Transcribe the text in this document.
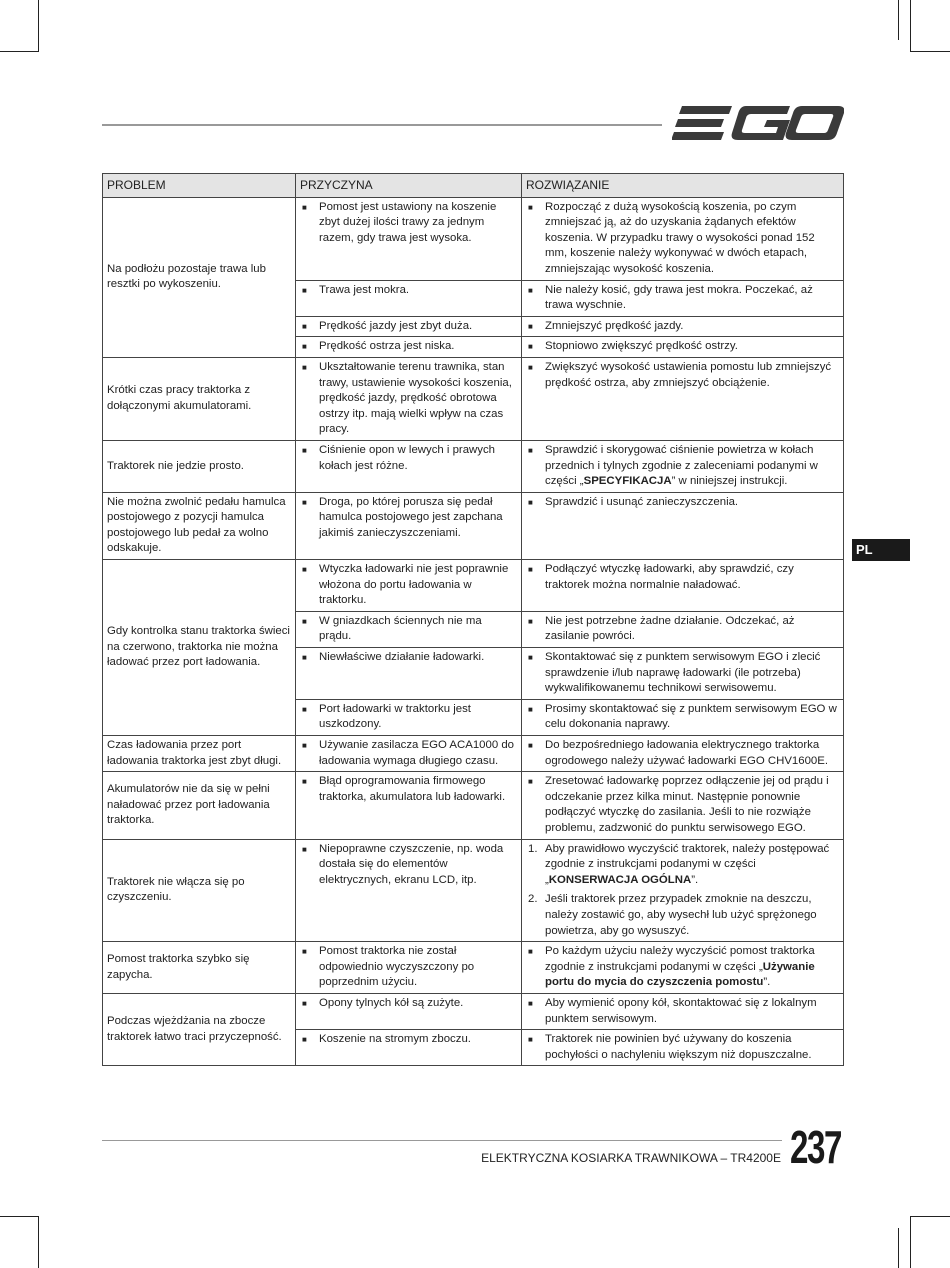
PL
PROBLEM	PRZYCZYNA	ROZWIĄZANIE
Na podłożu pozostaje trawa lub resztki po wykoszeniu.	■ Pomost jest ustawiony na koszenie zbyt dużej ilości trawy za jednym razem, gdy trawa jest wysoka.	■ Rozpocząć z dużą wysokością koszenia, po czym zmniejszać ją, aż do uzyskania żądanych efektów koszenia. W przypadku trawy o wysokości ponad 152 mm, koszenie należy wykonywać w dwóch etapach, zmniejszając wysokość koszenia.

	■ Trawa jest mokra.	■ Nie należy kosić, gdy trawa jest mokra. Poczekać, aż trawa wyschnie.

	■ Prędkość jazdy jest zbyt duża.	■ Zmniejszyć prędkość jazdy.

	■ Prędkość ostrza jest niska.	■ Stopniowo zwiększyć prędkość ostrzy.

Krótki czas pracy traktorka z dołączonymi akumulatorami.	■ Ukształtowanie terenu trawnika, stan trawy, ustawienie wysokości koszenia, prędkość jazdy, prędkość obrotowa ostrzy itp. mają wielki wpływ na czas pracy.	■ Zwiększyć wysokość ustawienia pomostu lub zmniejszyć prędkość ostrza, aby zmniejszyć obciążenie.

Traktorek nie jedzie prosto.	■ Ciśnienie opon w lewych i prawych kołach jest różne.	■ Sprawdzić i skorygować ciśnienie powietrza w kołach przednich i tylnych zgodnie z zaleceniami podanymi w części „SPECYFIKACJA” w niniejszej instrukcji.

Nie można zwolnić pedału hamulca postojowego z pozycji hamulca postojowego lub pedał za wolno odskakuje.	■ Droga, po której porusza się pedał hamulca postojowego jest zapchana jakimiś zanieczyszczeniami.	■ Sprawdzić i usunąć zanieczyszczenia.

Gdy kontrolka stanu traktorka świeci na czerwono, traktorka nie można ładować przez port ładowania.	■ Wtyczka ładowarki nie jest poprawnie włożona do portu ładowania w traktorku.	■ Podłączyć wtyczkę ładowarki, aby sprawdzić, czy traktorek można normalnie naładować.

	■ W gniazdkach ściennych nie ma prądu.	■ Nie jest potrzebne żadne działanie. Odczekać, aż zasilanie powróci.

	■ Niewłaściwe działanie ładowarki.	■ Skontaktować się z punktem serwisowym EGO i zlecić sprawdzenie i/lub naprawę ładowarki (ile potrzeba) wykwalifikowanemu technikowi serwisowemu.

	■ Port ładowarki w traktorku jest uszkodzony.	■ Prosimy skontaktować się z punktem serwisowym EGO w celu dokonania naprawy.

Czas ładowania przez port ładowania traktorka jest zbyt długi.	■ Używanie zasilacza EGO ACA1000 do ładowania wymaga długiego czasu.	■ Do bezpośredniego ładowania elektrycznego traktorka ogrodowego należy używać ładowarki EGO CHV1600E.

Akumulatorów nie da się w pełni naładować przez port ładowania traktorka.	■ Błąd oprogramowania firmowego traktorka, akumulatora lub ładowarki.	■ Zresetować ładowarkę poprzez odłączenie jej od prądu i odczekanie przez kilka minut. Następnie ponownie podłączyć wtyczkę do zasilania. Jeśli to nie rozwiąże problemu, zadzwonić do punktu serwisowego EGO.

Traktorek nie włącza się po czyszczeniu.	■ Niepoprawne czyszczenie, np. woda dostała się do elementów elektrycznych, ekranu LCD, itp.	1. Aby prawidłowo wyczyścić traktorek, należy postępować zgodnie z instrukcjami podanymi w części „KONSERWACJA OGÓLNA”.
2. Jeśli traktorek przez przypadek zmoknie na deszczu, należy zostawić go, aby wysechł lub użyć sprężonego powietrza, aby go wysuszyć.

Pomost traktorka szybko się zapycha.	■ Pomost traktorka nie został odpowiednio wyczyszczony po poprzednim użyciu.	■ Po każdym użyciu należy wyczyścić pomost traktorka zgodnie z instrukcjami podanymi w części „Używanie portu do mycia do czyszczenia pomostu”.

Podczas wjeżdżania na zbocze traktorek łatwo traci przyczepność.	■ Opony tylnych kół są zużyte.	■ Aby wymienić opony kół, skontaktować się z lokalnym punktem serwisowym.

	■ Koszenie na stromym zboczu.	■ Traktorek nie powinien być używany do koszenia pochyłości o nachyleniu większym niż dopuszczalne.
ELEKTRYCZNA KOSIARKA TRAWNIKOWA – TR4200E 237
